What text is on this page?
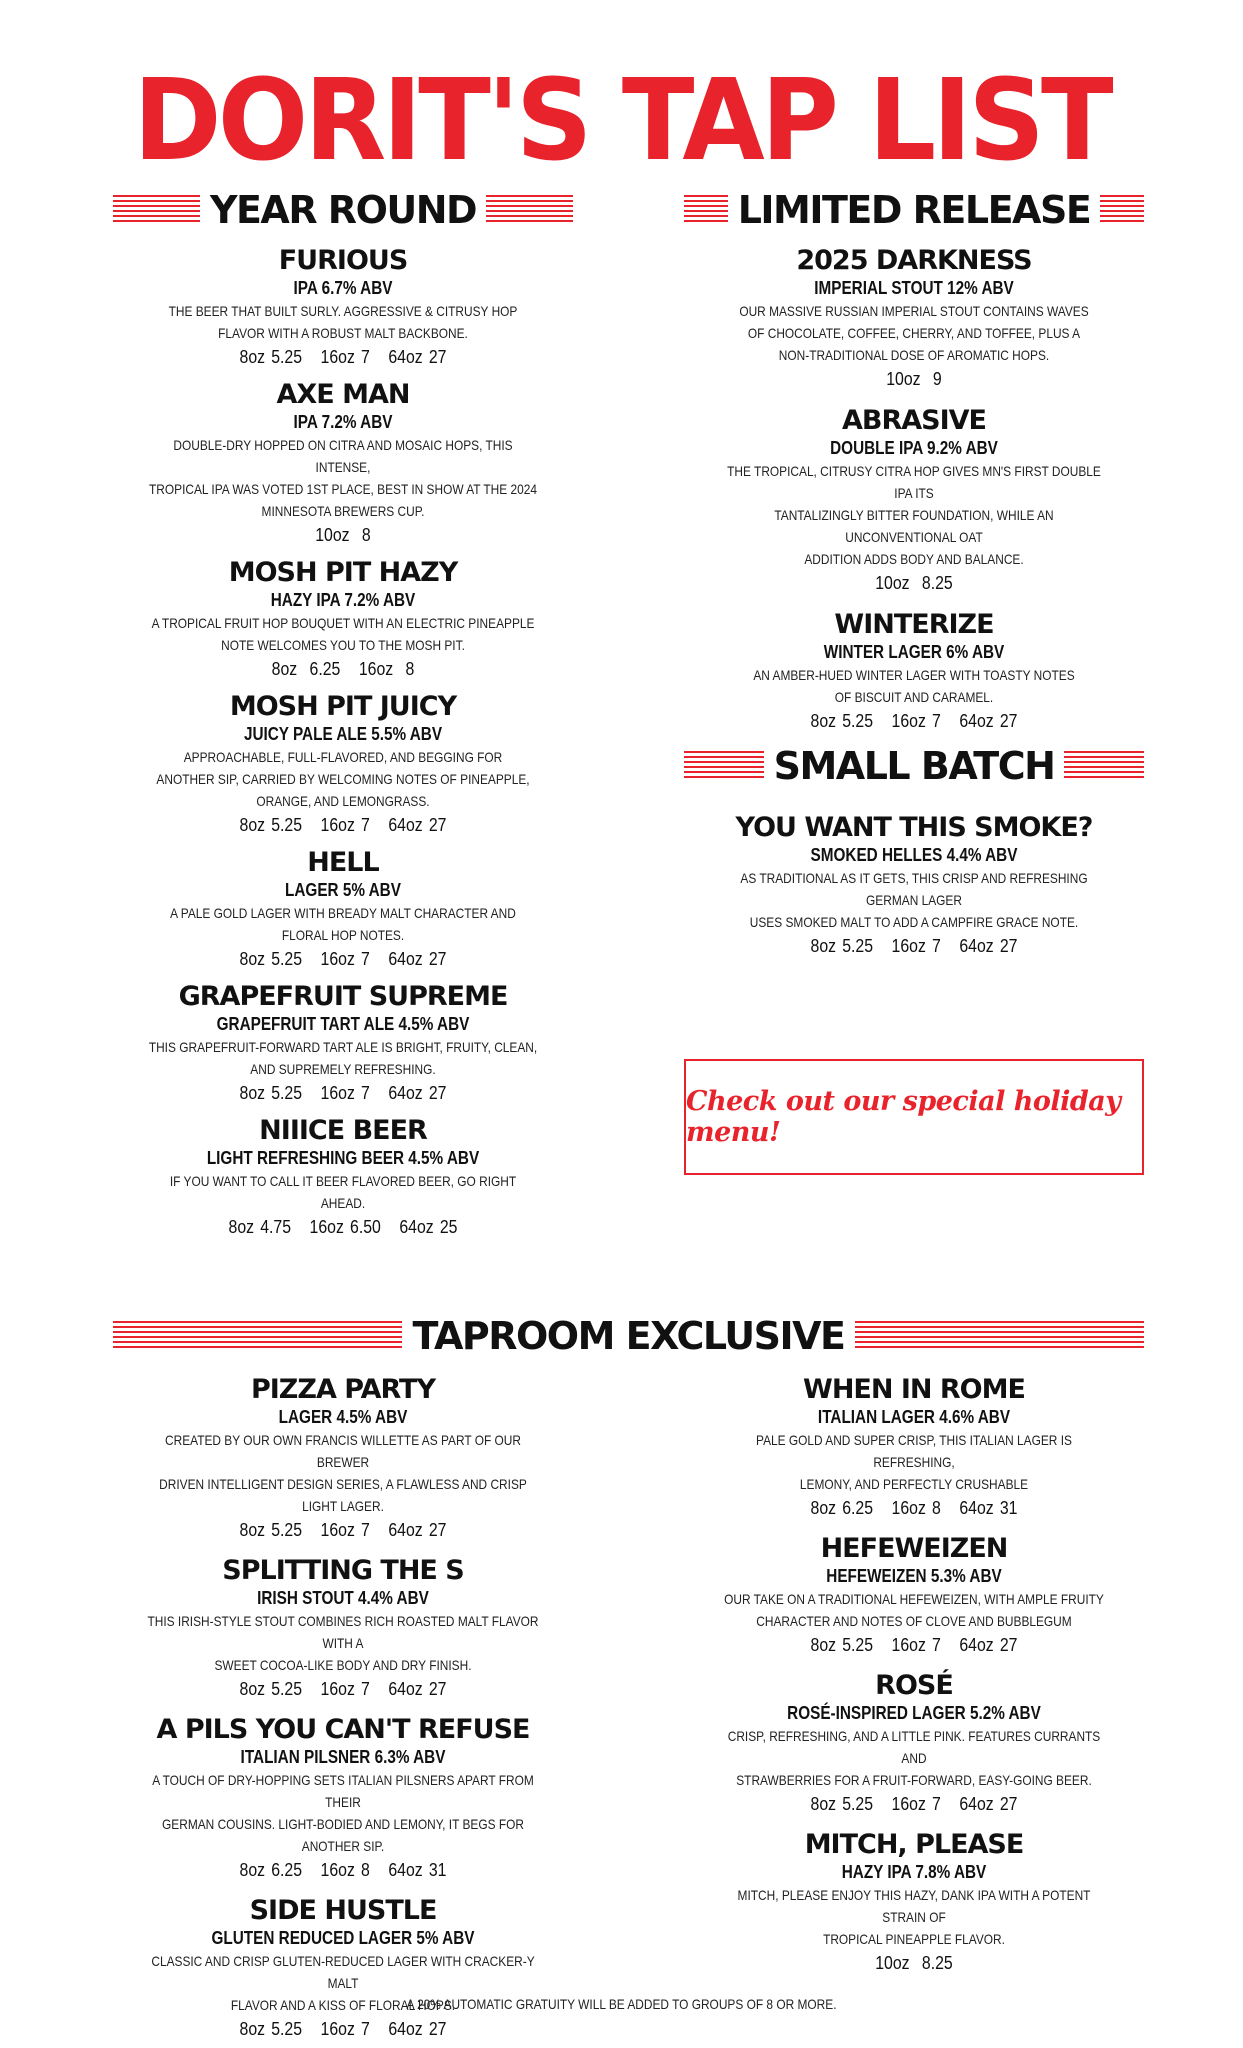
DORIT'S TAP LIST
YEAR ROUND	LIMITED RELEASE
SMALL BATCH
TAPROOM EXCLUSIVE
FURIOUS
IPA 6.7% ABV
THE BEER THAT BUILT SURLY. AGGRESSIVE & CITRUSY HOP
FLAVOR WITH A ROBUST MALT BACKBONE.
8oz 5.25   16oz 7   64oz 27
AXE MAN
IPA 7.2% ABV
DOUBLE-DRY HOPPED ON CITRA AND MOSAIC HOPS, THIS INTENSE,
TROPICAL IPA WAS VOTED 1ST PLACE, BEST IN SHOW AT THE 2024
MINNESOTA BREWERS CUP.
10oz  8
MOSH PIT HAZY
HAZY IPA 7.2% ABV
A TROPICAL FRUIT HOP BOUQUET WITH AN ELECTRIC PINEAPPLE
NOTE WELCOMES YOU TO THE MOSH PIT.
8oz  6.25   16oz  8
MOSH PIT JUICY
JUICY PALE ALE 5.5% ABV
APPROACHABLE, FULL-FLAVORED, AND BEGGING FOR
ANOTHER SIP, CARRIED BY WELCOMING NOTES OF PINEAPPLE,
ORANGE, AND LEMONGRASS.
8oz 5.25   16oz 7   64oz 27
HELL
LAGER 5% ABV
A PALE GOLD LAGER WITH BREADY MALT CHARACTER AND
FLORAL HOP NOTES.
8oz 5.25   16oz 7   64oz 27
GRAPEFRUIT SUPREME
GRAPEFRUIT TART ALE 4.5% ABV
THIS GRAPEFRUIT-FORWARD TART ALE IS BRIGHT, FRUITY, CLEAN,
AND SUPREMELY REFRESHING.
8oz 5.25   16oz 7   64oz 27
NIIICE BEER
LIGHT REFRESHING BEER 4.5% ABV
IF YOU WANT TO CALL IT BEER FLAVORED BEER, GO RIGHT AHEAD.
8oz 4.75   16oz 6.50   64oz 25
2025 DARKNESS
IMPERIAL STOUT 12% ABV
OUR MASSIVE RUSSIAN IMPERIAL STOUT CONTAINS WAVES
OF CHOCOLATE, COFFEE, CHERRY, AND TOFFEE, PLUS A
NON-TRADITIONAL DOSE OF AROMATIC HOPS.
10oz  9
ABRASIVE
DOUBLE IPA 9.2% ABV
THE TROPICAL, CITRUSY CITRA HOP GIVES MN'S FIRST DOUBLE IPA ITS
TANTALIZINGLY BITTER FOUNDATION, WHILE AN UNCONVENTIONAL OAT
ADDITION ADDS BODY AND BALANCE.
10oz  8.25
WINTERIZE
WINTER LAGER 6% ABV
AN AMBER-HUED WINTER LAGER WITH TOASTY NOTES
OF BISCUIT AND CARAMEL.
8oz 5.25   16oz 7   64oz 27
YOU WANT THIS SMOKE?
SMOKED HELLES 4.4% ABV
AS TRADITIONAL AS IT GETS, THIS CRISP AND REFRESHING GERMAN LAGER
USES SMOKED MALT TO ADD A CAMPFIRE GRACE NOTE.
8oz 5.25   16oz 7   64oz 27
PIZZA PARTY
LAGER 4.5% ABV
CREATED BY OUR OWN FRANCIS WILLETTE AS PART OF OUR BREWER
DRIVEN INTELLIGENT DESIGN SERIES, A FLAWLESS AND CRISP LIGHT LAGER.
8oz 5.25   16oz 7   64oz 27
SPLITTING THE S
IRISH STOUT 4.4% ABV
THIS IRISH-STYLE STOUT COMBINES RICH ROASTED MALT FLAVOR WITH A
SWEET COCOA-LIKE BODY AND DRY FINISH.
8oz 5.25   16oz 7   64oz 27
A PILS YOU CAN'T REFUSE
ITALIAN PILSNER 6.3% ABV
A TOUCH OF DRY-HOPPING SETS ITALIAN PILSNERS APART FROM THEIR
GERMAN COUSINS. LIGHT-BODIED AND LEMONY, IT BEGS FOR ANOTHER SIP.
8oz 6.25   16oz 8   64oz 31
SIDE HUSTLE
GLUTEN REDUCED LAGER 5% ABV
CLASSIC AND CRISP GLUTEN-REDUCED LAGER WITH CRACKER-Y MALT
FLAVOR AND A KISS OF FLORAL HOPS.
8oz 5.25   16oz 7   64oz 27
WHEN IN ROME
ITALIAN LAGER 4.6% ABV
PALE GOLD AND SUPER CRISP, THIS ITALIAN LAGER IS REFRESHING,
LEMONY, AND PERFECTLY CRUSHABLE
8oz 6.25   16oz 8   64oz 31
HEFEWEIZEN
HEFEWEIZEN 5.3% ABV
OUR TAKE ON A TRADITIONAL HEFEWEIZEN, WITH AMPLE FRUITY
CHARACTER AND NOTES OF CLOVE AND BUBBLEGUM
8oz 5.25   16oz 7   64oz 27
ROSÉ
ROSÉ-INSPIRED LAGER 5.2% ABV
CRISP, REFRESHING, AND A LITTLE PINK. FEATURES CURRANTS AND
STRAWBERRIES FOR A FRUIT-FORWARD, EASY-GOING BEER.
8oz 5.25   16oz 7   64oz 27
MITCH, PLEASE
HAZY IPA 7.8% ABV
MITCH, PLEASE ENJOY THIS HAZY, DANK IPA WITH A POTENT STRAIN OF
TROPICAL PINEAPPLE FLAVOR.
10oz  8.25
Check out our special holiday menu!
A 20% AUTOMATIC GRATUITY WILL BE ADDED TO GROUPS OF 8 OR MORE.
